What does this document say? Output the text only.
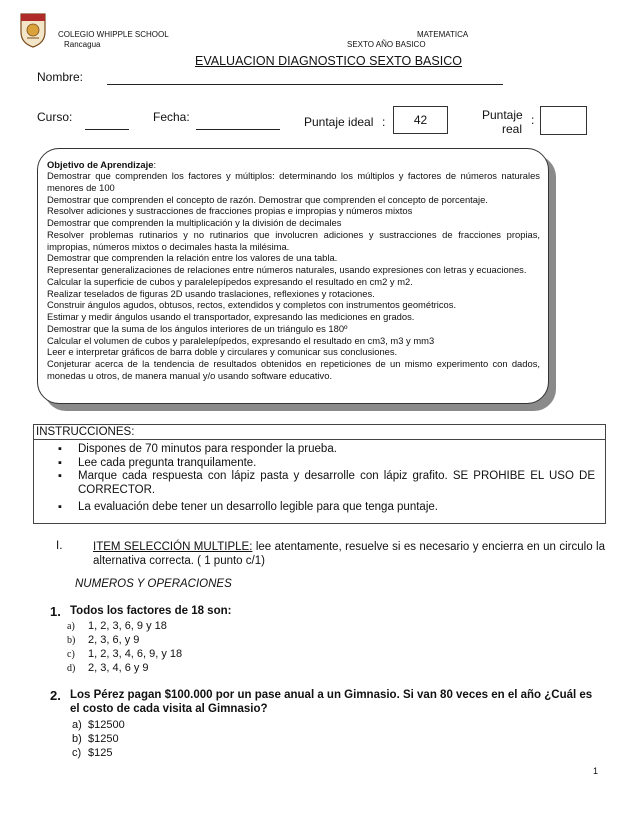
COLEGIO WHIPPLE SCHOOL
Rancagua
MATEMATICA
SEXTO AÑO BASICO
EVALUACION DIAGNOSTICO SEXTO BASICO
Nombre:
Curso:	Fecha:	Puntaje ideal :	42	Puntaje
real
:
Objetivo de Aprendizaje:
Demostrar que comprenden los factores y múltiplos: determinando los múltiplos y factores de números naturales menores de 100
Demostrar que comprenden el concepto de razón. Demostrar que comprenden el concepto de porcentaje.
Resolver adiciones y sustracciones de fracciones propias e impropias y números mixtos
Demostrar que comprenden la multiplicación y la división de decimales
Resolver problemas rutinarios y no rutinarios que involucren adiciones y sustracciones de fracciones propias, impropias, números mixtos o decimales hasta la milésima.
Demostrar que comprenden la relación entre los valores de una tabla.
Representar generalizaciones de relaciones entre números naturales, usando expresiones con letras y ecuaciones.
Calcular la superficie de cubos y paralelepípedos expresando el resultado en cm2 y m2.
Realizar teselados de figuras 2D usando traslaciones, reflexiones y rotaciones.
Construir ángulos agudos, obtusos, rectos, extendidos y completos con instrumentos geométricos.
Estimar y medir ángulos usando el transportador, expresando las mediciones en grados.
Demostrar que la suma de los ángulos interiores de un triángulo es 180º
Calcular el volumen de cubos y paralelepípedos, expresando el resultado en cm3, m3 y mm3
Leer e interpretar gráficos de barra doble y circulares y comunicar sus conclusiones.
Conjeturar acerca de la tendencia de resultados obtenidos en repeticiones de un mismo experimento con dados, monedas u otros, de manera manual y/o usando software educativo.
INSTRUCCIONES:
▪ Dispones de 70 minutos para responder la prueba.
▪ Lee cada pregunta tranquilamente.
▪ Marque cada respuesta con lápiz pasta y desarrolle con lápiz grafito. SE PROHIBE EL USO DE CORRECTOR.
▪ La evaluación debe tener un desarrollo legible para que tenga puntaje.
I.	ITEM SELECCIÓN MULTIPLE: lee atentamente, resuelve si es necesario y encierra en un circulo la alternativa correcta. ( 1 punto c/1)
NUMEROS Y OPERACIONES
1. Todos los factores de 18 son:
a) 1, 2, 3, 6, 9 y 18
b) 2, 3, 6, y 9
c) 1, 2, 3, 4, 6, 9, y 18
d) 2, 3, 4, 6 y 9
2. Los Pérez pagan $100.000 por un pase anual a un Gimnasio. Si van 80 veces en el año ¿Cuál es
el costo de cada visita al Gimnasio?
a) $12500
b) $1250
c) $125
1
